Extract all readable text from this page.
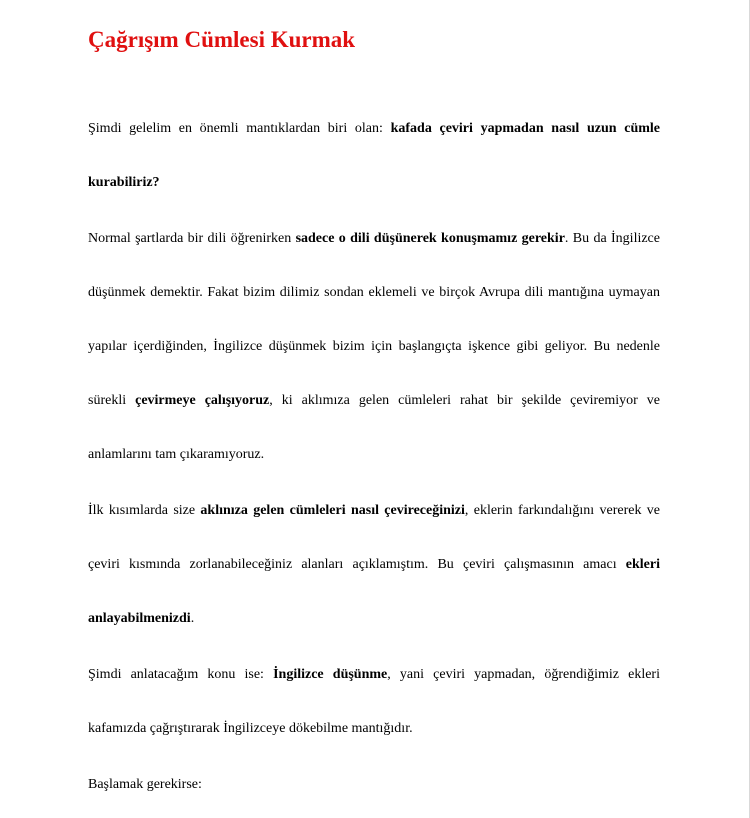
Çağrışım Cümlesi Kurmak

Şimdi gelelim en önemli mantıklardan biri olan: kafada çeviri yapmadan nasıl uzun cümle kurabiliriz?

Normal şartlarda bir dili öğrenirken sadece o dili düşünerek konuşmamız gerekir. Bu da İngilizce düşünmek demektir. Fakat bizim dilimiz sondan eklemeli ve birçok Avrupa dili mantığına uymayan yapılar içerdiğinden, İngilizce düşünmek bizim için başlangıçta işkence gibi geliyor. Bu nedenle sürekli çevirmeye çalışıyoruz, ki aklımıza gelen cümleleri rahat bir şekilde çeviremiyor ve anlamlarını tam çıkaramıyoruz.

İlk kısımlarda size aklınıza gelen cümleleri nasıl çevireceğinizi, eklerin farkındalığını vererek ve çeviri kısmında zorlanabileceğiniz alanları açıklamıştım. Bu çeviri çalışmasının amacı ekleri anlayabilmenizdi.

Şimdi anlatacağım konu ise: İngilizce düşünme, yani çeviri yapmadan, öğrendiğimiz ekleri kafamızda çağrıştırarak İngilizceye dökebilme mantığıdır.

Başlamak gerekirse:
